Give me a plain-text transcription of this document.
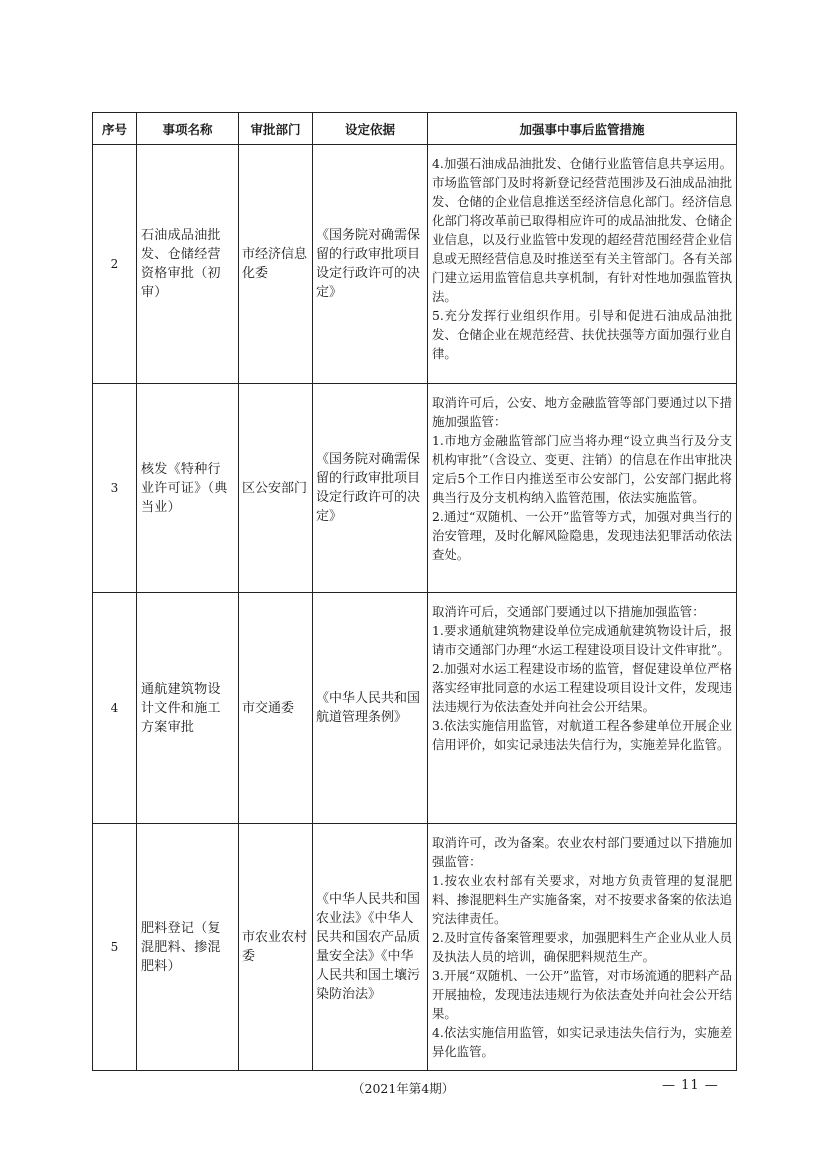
序号	事项名称	审批部门	设定依据	加强事中事后监管措施
2	石油成品油批发、仓储经营资格审批（初审）	市经济信息化委	《国务院对确需保留的行政审批项目设定行政许可的决定》	4.加强石油成品油批发、仓储行业监管信息共享运用。市场监管部门及时将新登记经营范围涉及石油成品油批发、仓储的企业信息推送至经济信息化部门。经济信息化部门将改革前已取得相应许可的成品油批发、仓储企业信息，以及行业监管中发现的超经营范围经营企业信息或无照经营信息及时推送至有关主管部门。各有关部门建立运用监管信息共享机制，有针对性地加强监管执法。
5.充分发挥行业组织作用。引导和促进石油成品油批发、仓储企业在规范经营、扶优扶强等方面加强行业自律。

3	核发《特种行业许可证》（典当业）	区公安部门	《国务院对确需保留的行政审批项目设定行政许可的决定》	取消许可后，公安、地方金融监管等部门要通过以下措施加强监管：
1.市地方金融监管部门应当将办理“设立典当行及分支机构审批”（含设立、变更、注销）的信息在作出审批决定后5个工作日内推送至市公安部门，公安部门据此将典当行及分支机构纳入监管范围，依法实施监管。
2.通过“双随机、一公开”监管等方式，加强对典当行的治安管理，及时化解风险隐患，发现违法犯罪活动依法查处。

4	通航建筑物设计文件和施工方案审批	市交通委	《中华人民共和国航道管理条例》	取消许可后，交通部门要通过以下措施加强监管：
1.要求通航建筑物建设单位完成通航建筑物设计后，报请市交通部门办理“水运工程建设项目设计文件审批”。
2.加强对水运工程建设市场的监管，督促建设单位严格落实经审批同意的水运工程建设项目设计文件，发现违法违规行为依法查处并向社会公开结果。
3.依法实施信用监管，对航道工程各参建单位开展企业信用评价，如实记录违法失信行为，实施差异化监管。

5	肥料登记（复混肥料、掺混肥料）	市农业农村委	《中华人民共和国农业法》《中华人民共和国农产品质量安全法》《中华人民共和国土壤污染防治法》	取消许可，改为备案。农业农村部门要通过以下措施加强监管：
1.按农业农村部有关要求，对地方负责管理的复混肥料、掺混肥料生产实施备案，对不按要求备案的依法追究法律责任。
2.及时宣传备案管理要求，加强肥料生产企业从业人员及执法人员的培训，确保肥料规范生产。
3.开展“双随机、一公开”监管，对市场流通的肥料产品开展抽检，发现违法违规行为依法查处并向社会公开结果。
4.依法实施信用监管，如实记录违法失信行为，实施差异化监管。
（2021年第4期）	— 11 —
